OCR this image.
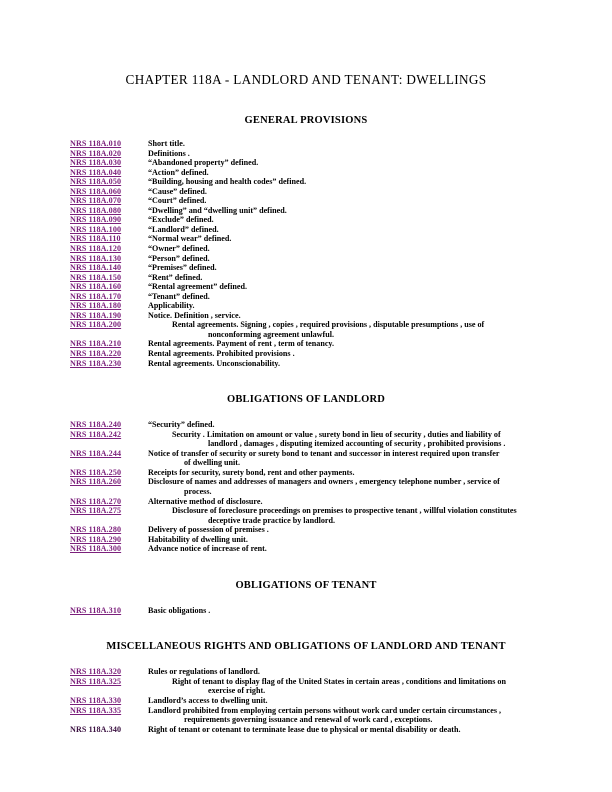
CHAPTER 118A - LANDLORD AND TENANT: DWELLINGS
GENERAL PROVISIONS
NRS 118A.010	Short title.
NRS 118A.020	Definitions .
NRS 118A.030	“Abandoned property” defined.
NRS 118A.040	“Action” defined.
NRS 118A.050	“Building, housing and health codes” defined.
NRS 118A.060	“Cause” defined.
NRS 118A.070	“Court” defined.
NRS 118A.080	“Dwelling” and “dwelling unit” defined.
NRS 118A.090	“Exclude” defined.
NRS 118A.100	“Landlord” defined.
NRS 118A.110	“Normal wear” defined.
NRS 118A.120	“Owner” defined.
NRS 118A.130	“Person” defined.
NRS 118A.140	“Premises” defined.
NRS 118A.150	“Rent” defined.
NRS 118A.160	“Rental agreement” defined.
NRS 118A.170	“Tenant” defined.
NRS 118A.180	Applicability.
NRS 118A.190	Notice. Definition , service.
NRS 118A.200	Rental agreements. Signing , copies , required provisions , disputable presumptions , use of
nonconforming agreement unlawful.
NRS 118A.210	Rental agreements. Payment of rent , term of tenancy.
NRS 118A.220	Rental agreements. Prohibited provisions .
NRS 118A.230	Rental agreements. Unconscionability.
OBLIGATIONS OF LANDLORD
NRS 118A.240	“Security” defined.
NRS 118A.242	Security . Limitation on amount or value , surety bond in lieu of security , duties and liability of
landlord , damages , disputing itemized accounting of security , prohibited provisions .
NRS 118A.244	Notice of transfer of security or surety bond to tenant and successor in interest required upon transfer
of dwelling unit.
NRS 118A.250	Receipts for security, surety bond, rent and other payments.
NRS 118A.260	Disclosure of names and addresses of managers and owners , emergency telephone number , service of
process.
NRS 118A.270	Alternative method of disclosure.
NRS 118A.275	Disclosure of foreclosure proceedings on premises to prospective tenant , willful violation constitutes
deceptive trade practice by landlord.
NRS 118A.280	Delivery of possession of premises .
NRS 118A.290	Habitability of dwelling unit.
NRS 118A.300	Advance notice of increase of rent.
OBLIGATIONS OF TENANT
NRS 118A.310	Basic obligations .
MISCELLANEOUS RIGHTS AND OBLIGATIONS OF LANDLORD AND TENANT
NRS 118A.320	Rules or regulations of landlord.
NRS 118A.325	Right of tenant to display flag of the United States in certain areas , conditions and limitations on
exercise of right.
NRS 118A.330	Landlord’s access to dwelling unit.
NRS 118A.335	Landlord prohibited from employing certain persons without work card under certain circumstances ,
requirements governing issuance and renewal of work card , exceptions.
NRS 118A.340	Right of tenant or cotenant to terminate lease due to physical or mental disability or death.
